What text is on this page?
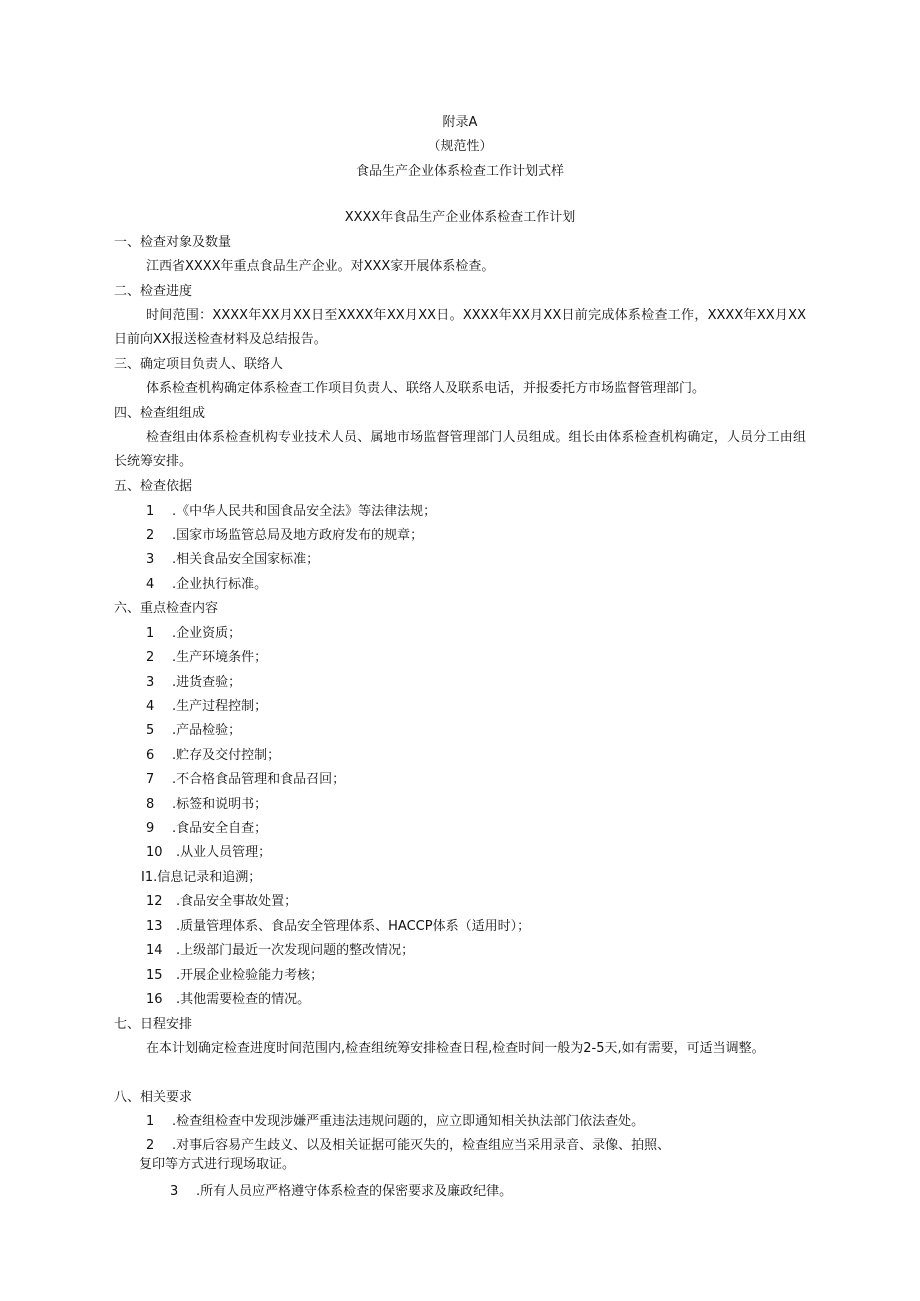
附录A
（规范性）
食品生产企业体系检查工作计划式样
XXXX年食品生产企业体系检查工作计划
一、检查对象及数量
江西省XXXX年重点食品生产企业。对XXX家开展体系检查。
二、检查进度
时间范围：XXXX年XX月XX日至XXXX年XX月XX日。XXXX年XX月XX日前完成体系检查工作，XXXX年XX月XX日前向XX报送检查材料及总结报告。
三、确定项目负责人、联络人
体系检查机构确定体系检查工作项目负责人、联络人及联系电话，并报委托方市场监督管理部门。
四、检查组组成
检查组由体系检查机构专业技术人员、属地市场监督管理部门人员组成。组长由体系检查机构确定，人员分工由组长统筹安排。
五、检查依据
1 .《中华人民共和国食品安全法》等法律法规；
2 .国家市场监管总局及地方政府发布的规章；
3 .相关食品安全国家标准；
4 .企业执行标准。
六、重点检查内容
1 .企业资质；
2 .生产环境条件；
3 .进货查验；
4 .生产过程控制；
5 .产品检验；
6 .贮存及交付控制；
7 .不合格食品管理和食品召回；
8 .标签和说明书；
9 .食品安全自查；
10 .从业人员管理；
I1.信息记录和追溯；
12 .食品安全事故处置；
13 .质量管理体系、食品安全管理体系、HACCP体系（适用时）；
14 .上级部门最近一次发现问题的整改情况；
15 .开展企业检验能力考核；
16 .其他需要检查的情况。
七、日程安排
在本计划确定检查进度时间范围内,检查组统筹安排检查日程,检查时间一般为2-5天,如有需要，可适当调整。
八、相关要求
1 .检查组检查中发现涉嫌严重违法违规问题的，应立即通知相关执法部门依法查处。
2 .对事后容易产生歧义、以及相关证据可能灭失的，检查组应当采用录音、录像、拍照、
复印等方式进行现场取证。
3 .所有人员应严格遵守体系检查的保密要求及廉政纪律。
